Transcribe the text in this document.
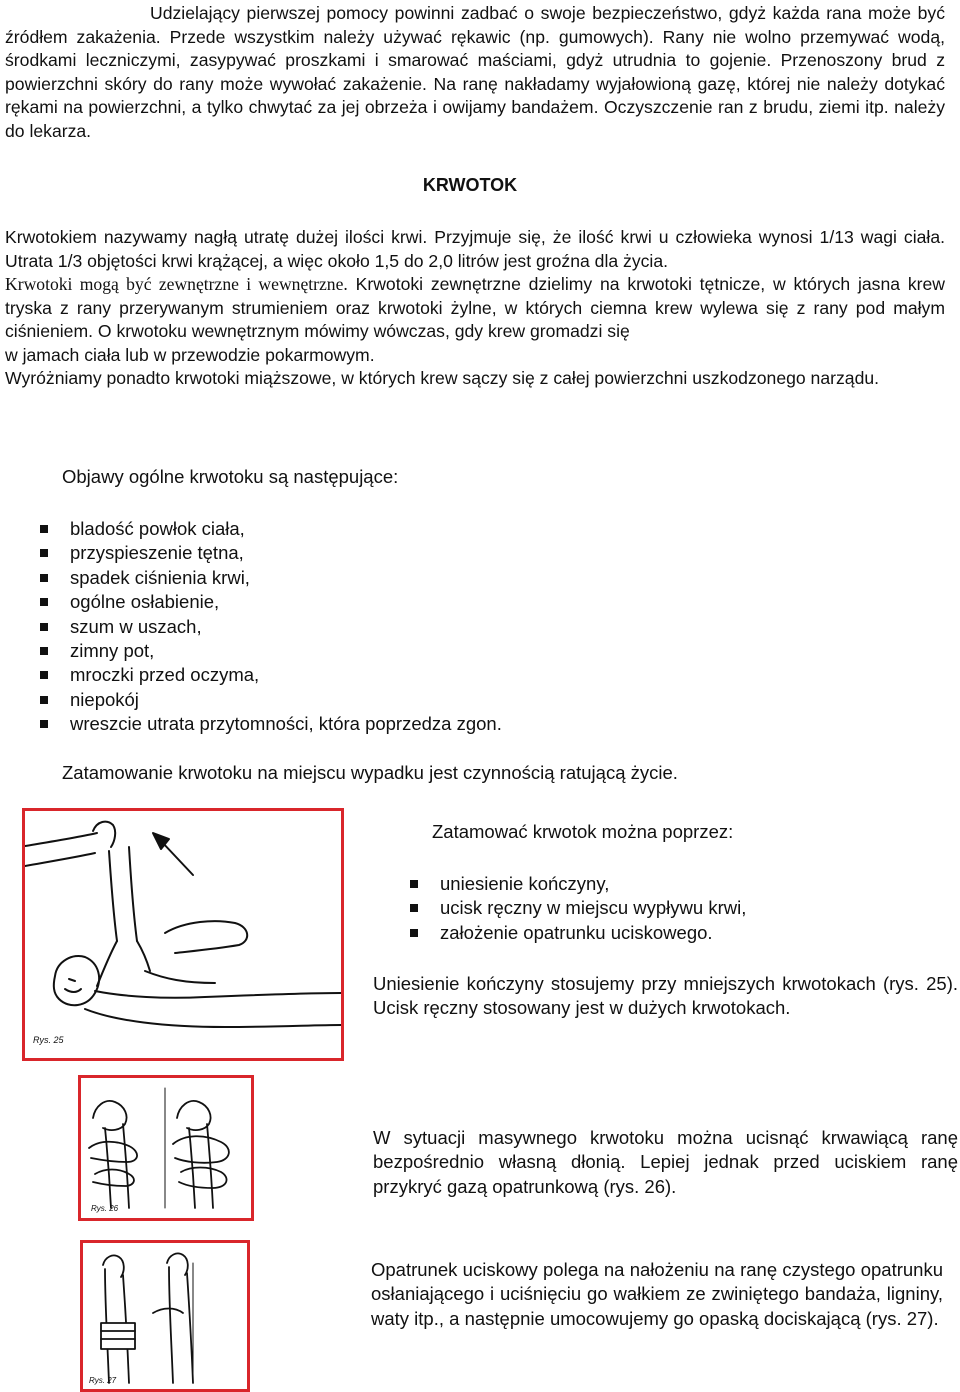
Udzielający pierwszej pomocy powinni zadbać o swoje bezpieczeństwo, gdyż każda rana może być źródłem zakażenia. Przede wszystkim należy używać rękawic (np. gumowych). Rany nie wolno przemywać wodą, środkami leczniczymi, zasypywać proszkami i smarować maściami, gdyż utrudnia to gojenie. Przenoszony brud z powierzchni skóry do rany może wywołać zakażenie. Na ranę nakładamy wyjałowioną gazę, której nie należy dotykać rękami na powierzchni, a tylko chwytać za jej obrzeża i owijamy bandażem. Oczyszczenie ran z brudu, ziemi itp. należy do lekarza.

KRWOTOK

Krwotokiem nazywamy nagłą utratę dużej ilości krwi. Przyjmuje się, że ilość krwi u człowieka wynosi 1/13 wagi ciała. Utrata 1/3 objętości krwi krążącej, a więc około 1,5 do 2,0 litrów jest groźna dla życia.

Krwotoki mogą być zewnętrzne i wewnętrzne. Krwotoki zewnętrzne dzielimy na krwotoki tętnicze, w których jasna krew tryska z rany przerywanym strumieniem oraz krwotoki żylne, w których ciemna krew wylewa się z rany pod małym ciśnieniem. O krwotoku wewnętrznym mówimy wówczas, gdy krew gromadzi się

w jamach ciała lub w przewodzie pokarmowym.

Wyróżniamy ponadto krwotoki miąższowe, w których krew sączy się z całej powierzchni uszkodzonego narządu.

Objawy ogólne krwotoku są następujące:
bladość powłok ciała,
przyspieszenie tętna,
spadek ciśnienia krwi,
ogólne osłabienie,
szum w uszach,
zimny pot,
mroczki przed oczyma,
niepokój
wreszcie utrata przytomności, która poprzedza zgon.
Zatamowanie krwotoku na miejscu wypadku jest czynnością ratującą życie.
Rys. 25
Zatamować krwotok można poprzez:
uniesienie kończyny,
ucisk ręczny w miejscu wypływu krwi,
założenie opatrunku uciskowego.
Uniesienie kończyny stosujemy przy mniejszych krwotokach (rys. 25). Ucisk ręczny stosowany jest w dużych krwotokach.
Rys. 26
W sytuacji masywnego krwotoku można ucisnąć krwawiącą ranę bezpośrednio własną dłonią. Lepiej jednak przed uciskiem ranę przykryć gazą opatrunkową (rys. 26).
Rys. 27
Opatrunek uciskowy polega na nałożeniu na ranę czystego opatrunku osłaniającego i uciśnięciu go wałkiem ze zwiniętego bandaża, ligniny, waty itp., a następnie umocowujemy go opaską dociskającą (rys. 27).
